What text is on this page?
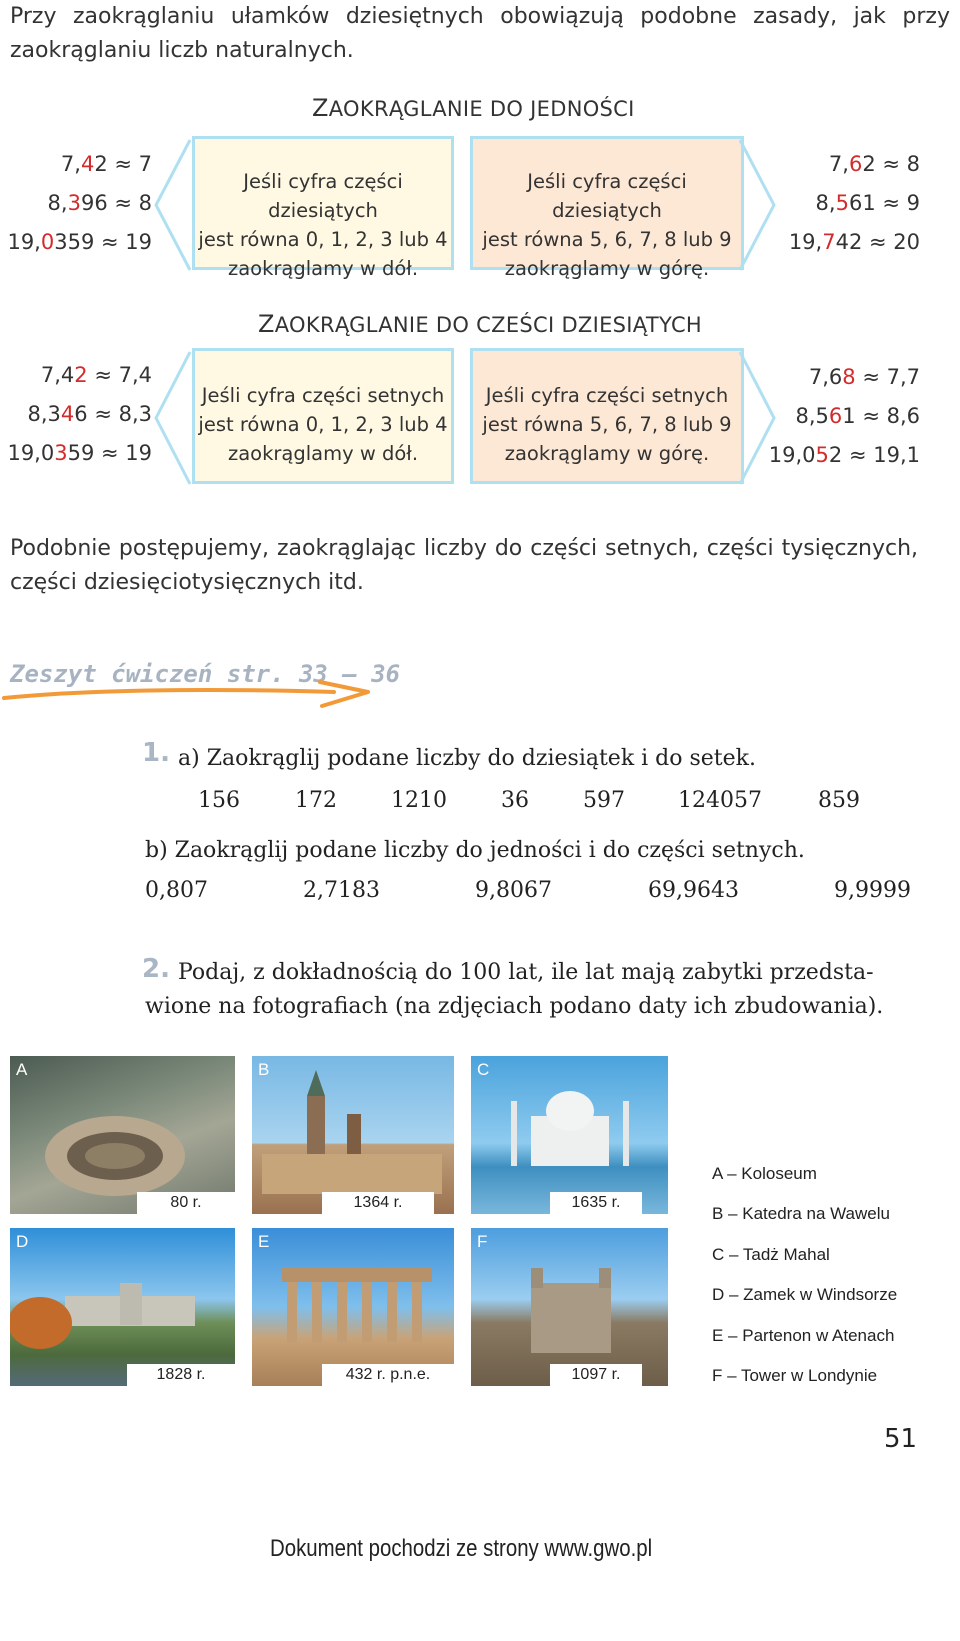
Przy zaokrąglaniu ułamków dziesiętnych obowiązują podobne zasady, jak przy zaokrąglaniu liczb naturalnych.
ZAOKRĄGLANIE DO JEDNOŚCI
7,42 ≈ 7
8,396 ≈ 8
19,0359 ≈ 19
Jeśli cyfra części dziesiątych
jest równa 0, 1, 2, 3 lub 4
zaokrąglamy w dół.
Jeśli cyfra części dziesiątych
jest równa 5, 6, 7, 8 lub 9
zaokrąglamy w górę.
7,62 ≈ 8
8,561 ≈ 9
19,742 ≈ 20
ZAOKRĄGLANIE DO CZEŚCI DZIESIĄTYCH
7,42 ≈ 7,4
8,346 ≈ 8,3
19,0359 ≈ 19
Jeśli cyfra części setnych
jest równa 0, 1, 2, 3 lub 4
zaokrąglamy w dół.
Jeśli cyfra części setnych
jest równa 5, 6, 7, 8 lub 9
zaokrąglamy w górę.
7,68 ≈ 7,7
8,561 ≈ 8,6
19,052 ≈ 19,1
Podobnie postępujemy, zaokrąglając liczby do części setnych, części tysięcznych, części dziesięciotysięcznych itd.
Zeszyt ćwiczeń str. 33 – 36
1. a) Zaokrąglij podane liczby do dziesiątek i do setek.
156	172 1210 36 597 124057	859
b) Zaokrąglij podane liczby do jedności i do części setnych.
0,807	2,7183	9,8067	69,9643	9,9999
2. Podaj, z dokładnością do 100 lat, ile lat mają zabytki przedsta-
wione na fotografiach (na zdjęciach podano daty ich zbudowania).
A
80 r.
B
1364 r.
C
1635 r.
D
1828 r.
E
432 r. p.n.e.
F
1097 r.
A – Koloseum
B – Katedra na Wawelu
C – Tadż Mahal
D – Zamek w Windsorze
E – Partenon w Atenach
F – Tower w Londynie
51
Dokument pochodzi ze strony www.gwo.pl
